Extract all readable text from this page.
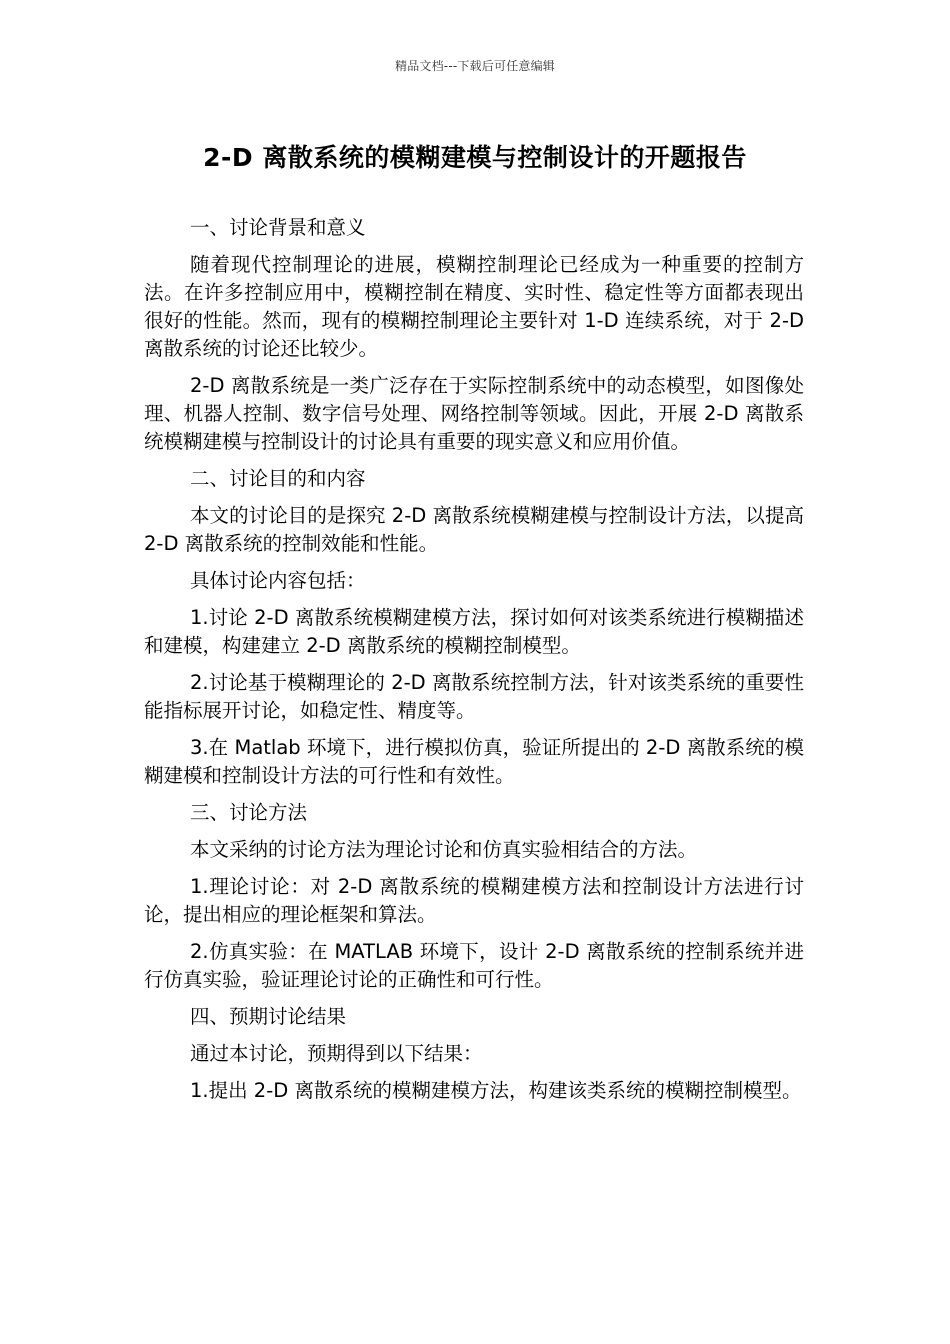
精品文档---下载后可任意编辑
2-D 离散系统的模糊建模与控制设计的开题报告

一、讨论背景和意义

随着现代控制理论的进展，模糊控制理论已经成为一种重要的控制方法。在许多控制应用中，模糊控制在精度、实时性、稳定性等方面都表现出很好的性能。然而，现有的模糊控制理论主要针对 1-D 连续系统，对于 2-D 离散系统的讨论还比较少。

2-D 离散系统是一类广泛存在于实际控制系统中的动态模型，如图像处理、机器人控制、数字信号处理、网络控制等领域。因此，开展 2-D 离散系统模糊建模与控制设计的讨论具有重要的现实意义和应用价值。

二、讨论目的和内容

本文的讨论目的是探究 2-D 离散系统模糊建模与控制设计方法，以提高 2-D 离散系统的控制效能和性能。

具体讨论内容包括：

1.讨论 2-D 离散系统模糊建模方法，探讨如何对该类系统进行模糊描述和建模，构建建立 2-D 离散系统的模糊控制模型。

2.讨论基于模糊理论的 2-D 离散系统控制方法，针对该类系统的重要性能指标展开讨论，如稳定性、精度等。

3.在 Matlab 环境下，进行模拟仿真，验证所提出的 2-D 离散系统的模糊建模和控制设计方法的可行性和有效性。

三、讨论方法

本文采纳的讨论方法为理论讨论和仿真实验相结合的方法。

1.理论讨论：对 2-D 离散系统的模糊建模方法和控制设计方法进行讨论，提出相应的理论框架和算法。

2.仿真实验：在 MATLAB 环境下，设计 2-D 离散系统的控制系统并进行仿真实验，验证理论讨论的正确性和可行性。

四、预期讨论结果

通过本讨论，预期得到以下结果：

1.提出 2-D 离散系统的模糊建模方法，构建该类系统的模糊控制模型。
